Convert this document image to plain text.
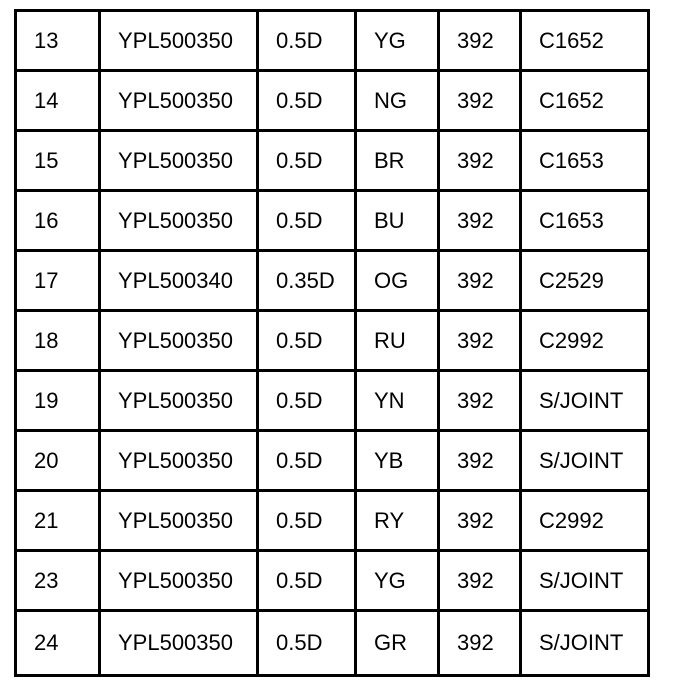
13	YPL500350	0.5D	YG	392	C1652
14	YPL500350	0.5D	NG	392	C1652
15	YPL500350	0.5D	BR	392	C1653
16	YPL500350	0.5D	BU	392	C1653
17	YPL500340	0.35D	OG	392	C2529
18	YPL500350	0.5D	RU	392	C2992
19	YPL500350	0.5D	YN	392	S/JOINT
20	YPL500350	0.5D	YB	392	S/JOINT
21	YPL500350	0.5D	RY	392	C2992
23	YPL500350	0.5D	YG	392	S/JOINT
24	YPL500350	0.5D	GR	392	S/JOINT
